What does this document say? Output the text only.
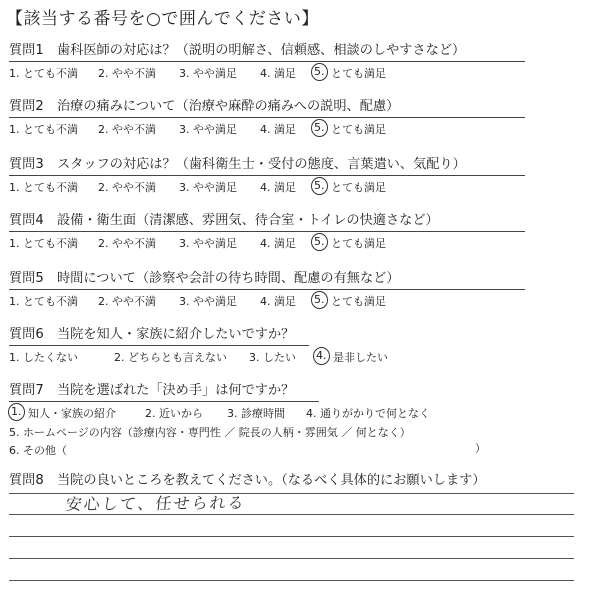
【該当する番号を○で囲んでください】
質問1　歯科医師の対応は？（説明の明解さ、信頼感、相談のしやすさなど）
1. とても不満 2. やや不満 3. やや満足 4. 満足 5. とても満足
質問2　治療の痛みについて（治療や麻酔の痛みへの説明、配慮）
1. とても不満 2. やや不満 3. やや満足 4. 満足 5. とても満足
質問3　スタッフの対応は？（歯科衛生士・受付の態度、言葉遣い、気配り）
1. とても不満 2. やや不満 3. やや満足 4. 満足 5. とても満足
質問4　設備・衛生面（清潔感、雰囲気、待合室・トイレの快適さなど）
1. とても不満 2. やや不満 3. やや満足 4. 満足 5. とても満足
質問5　時間について（診察や会計の待ち時間、配慮の有無など）
1. とても不満 2. やや不満 3. やや満足 4. 満足 5. とても満足
質問6　当院を知人・家族に紹介したいですか？
1. したくない	2. どちらとも言えない 3. したい 4. 是非したい
質問7　当院を選ばれた「決め手」は何ですか？
1. 知人・家族の紹介	2. 近いから 3. 診療時間 4. 通りがかりで何となく
5. ホームページの内容（診療内容・専門性 ／ 院長の人柄・雰囲気 ／ 何となく）
6. その他（	）
質問8　当院の良いところを教えてください。（なるべく具体的にお願いします）
安心して、任せられる
